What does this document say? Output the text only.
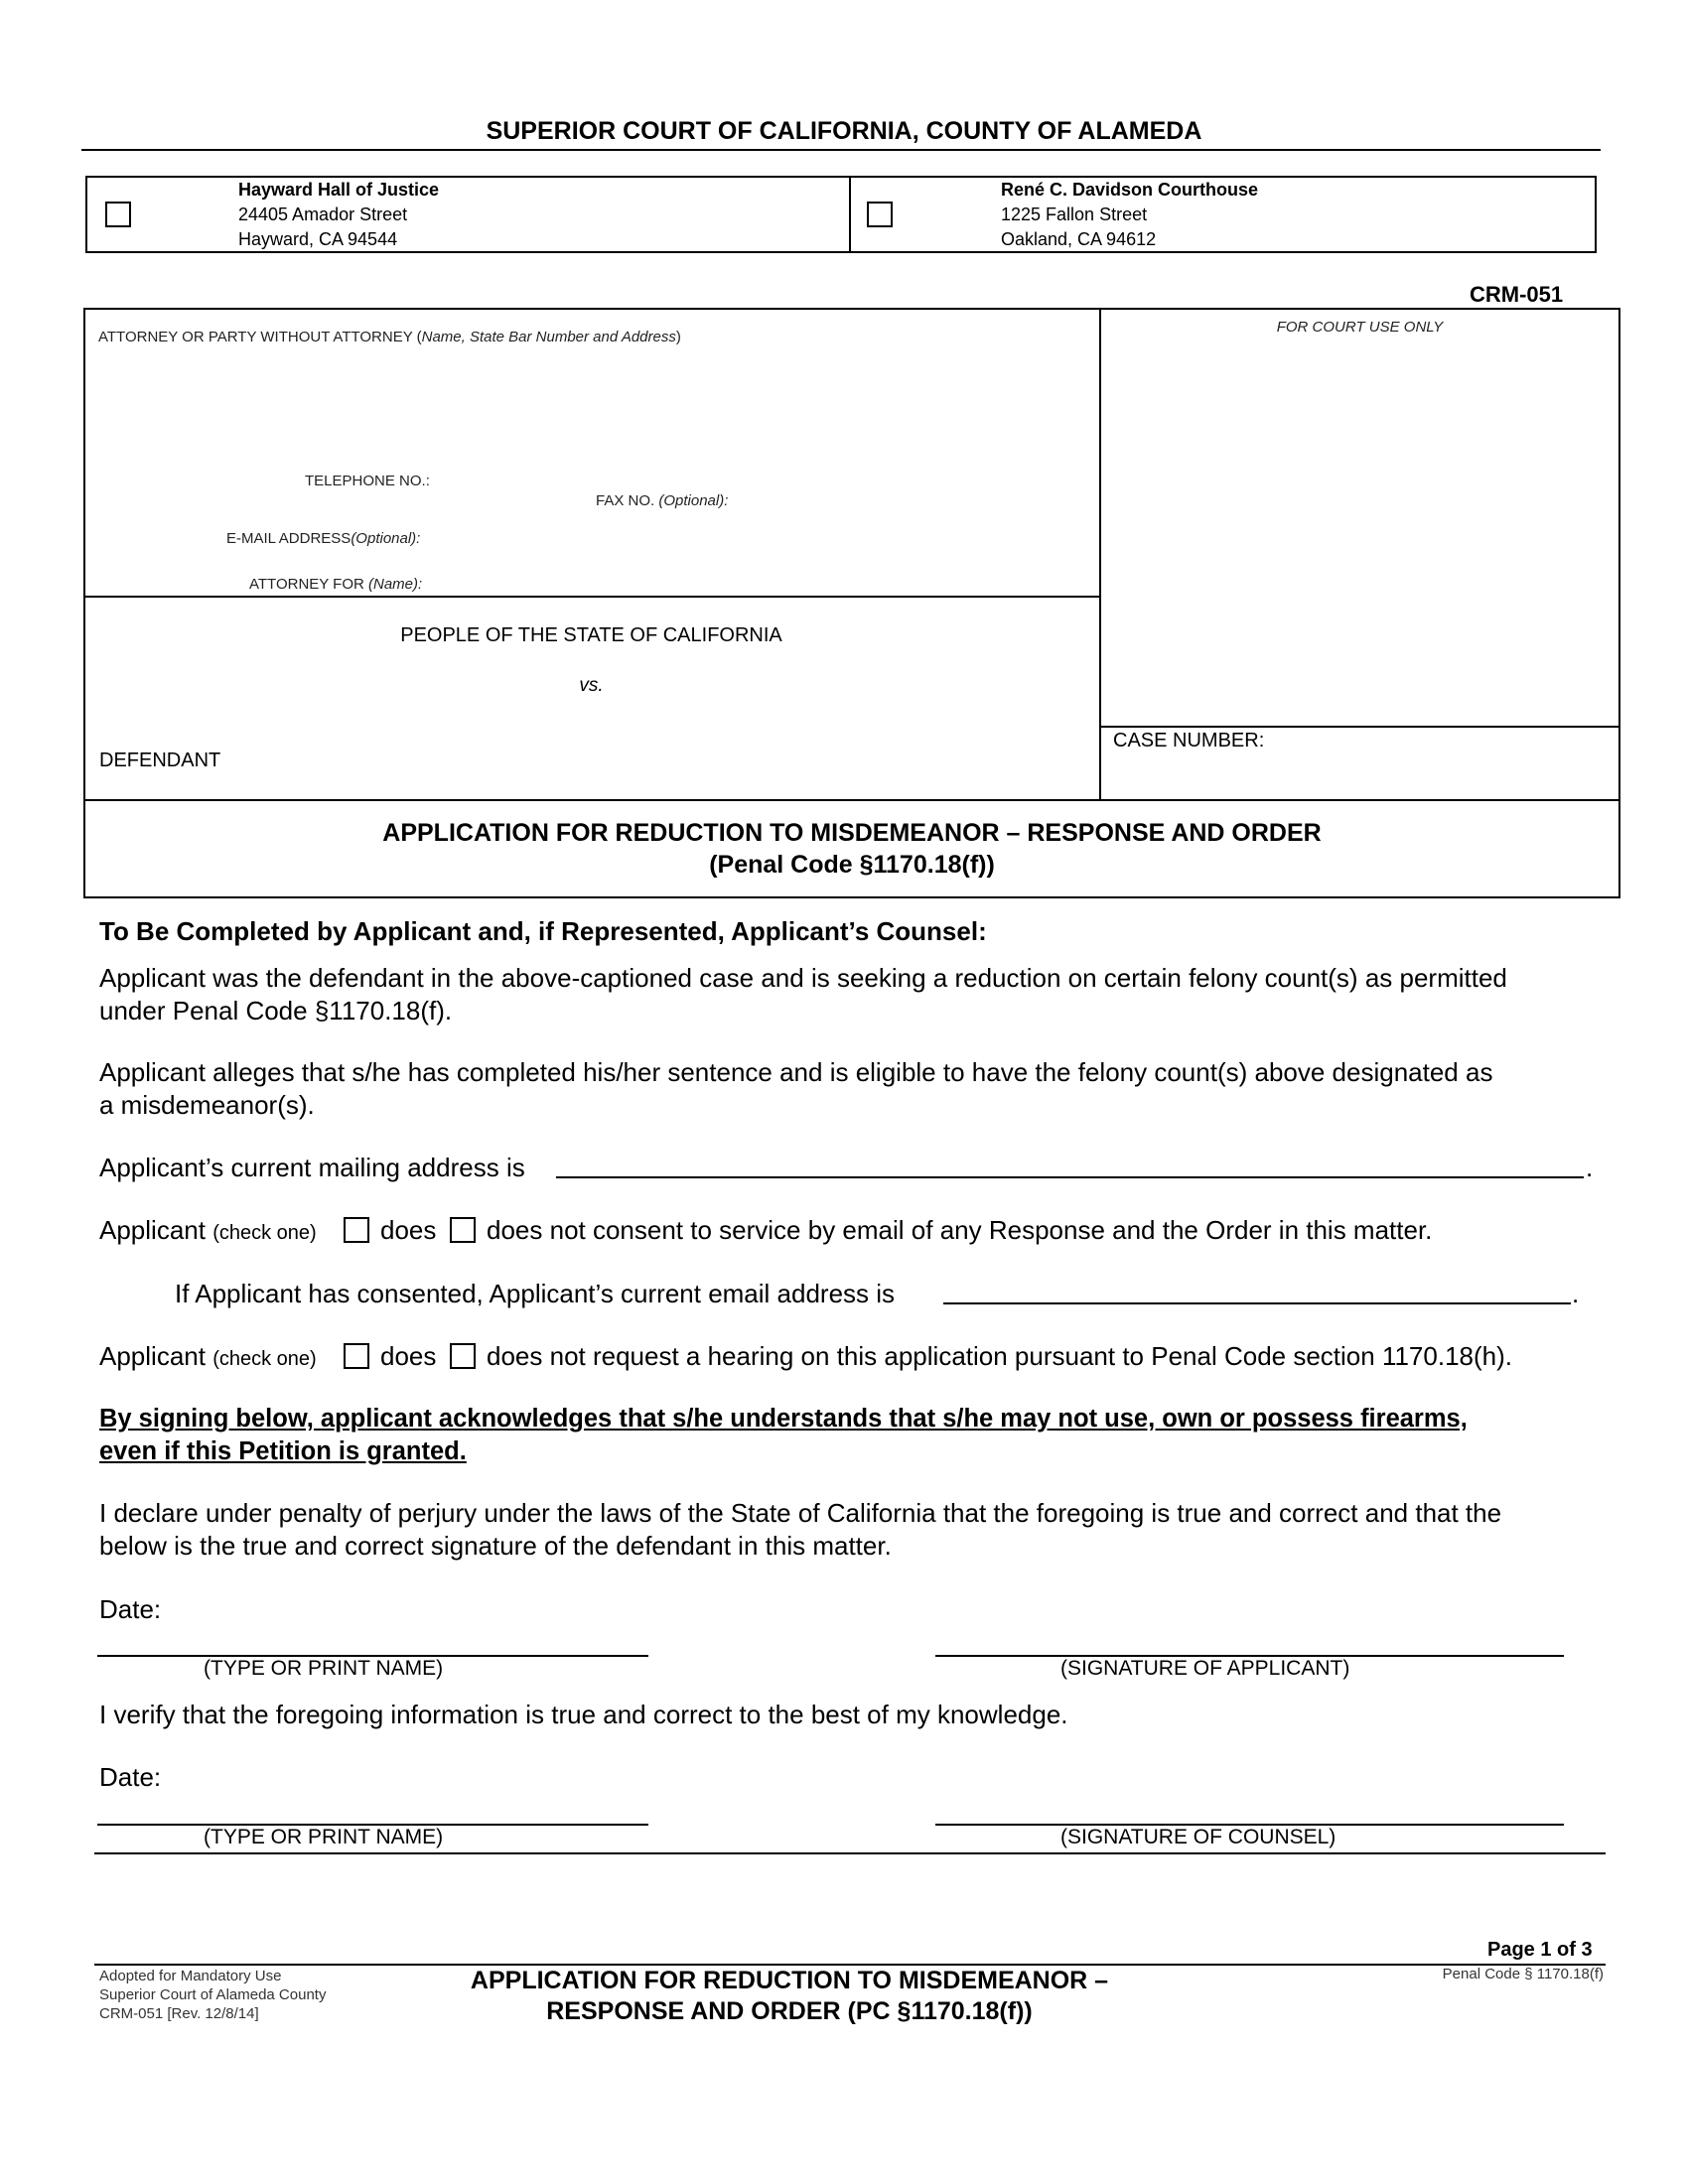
SUPERIOR COURT OF CALIFORNIA, COUNTY OF ALAMEDA
Hayward Hall of Justice
24405 Amador Street
Hayward, CA 94544
René C. Davidson Courthouse
1225 Fallon Street
Oakland, CA 94612
CRM-051
ATTORNEY OR PARTY WITHOUT ATTORNEY (Name, State Bar Number and Address)
TELEPHONE NO.:
FAX NO. (Optional):
E-MAIL ADDRESS(Optional):
ATTORNEY FOR (Name):
FOR COURT USE ONLY
PEOPLE OF THE STATE OF CALIFORNIA
vs.
DEFENDANT
CASE NUMBER:
APPLICATION FOR REDUCTION TO MISDEMEANOR – RESPONSE AND ORDER
(Penal Code §1170.18(f))
To Be Completed by Applicant and, if Represented, Applicant’s Counsel:
Applicant was the defendant in the above-captioned case and is seeking a reduction on certain felony count(s) as permitted
under Penal Code §1170.18(f).
Applicant alleges that s/he has completed his/her sentence and is eligible to have the felony count(s) above designated as
a misdemeanor(s).
Applicant’s current mailing address is	.
Applicant (check one) does does not consent to service by email of any Response and the Order in this matter.
If Applicant has consented, Applicant’s current email address is	.
Applicant (check one) does does not request a hearing on this application pursuant to Penal Code section 1170.18(h).
By signing below, applicant acknowledges that s/he understands that s/he may not use, own or possess firearms,
even if this Petition is granted.
I declare under penalty of perjury under the laws of the State of California that the foregoing is true and correct and that the
below is the true and correct signature of the defendant in this matter.
Date:
(TYPE OR PRINT NAME)	(SIGNATURE OF APPLICANT)
I verify that the foregoing information is true and correct to the best of my knowledge.
Date:
(TYPE OR PRINT NAME)	(SIGNATURE OF COUNSEL)
Page 1 of 3
Adopted for Mandatory Use
Superior Court of Alameda County
CRM-051 [Rev. 12/8/14]
APPLICATION FOR REDUCTION TO MISDEMEANOR –
RESPONSE AND ORDER (PC §1170.18(f))
Penal Code § 1170.18(f)
